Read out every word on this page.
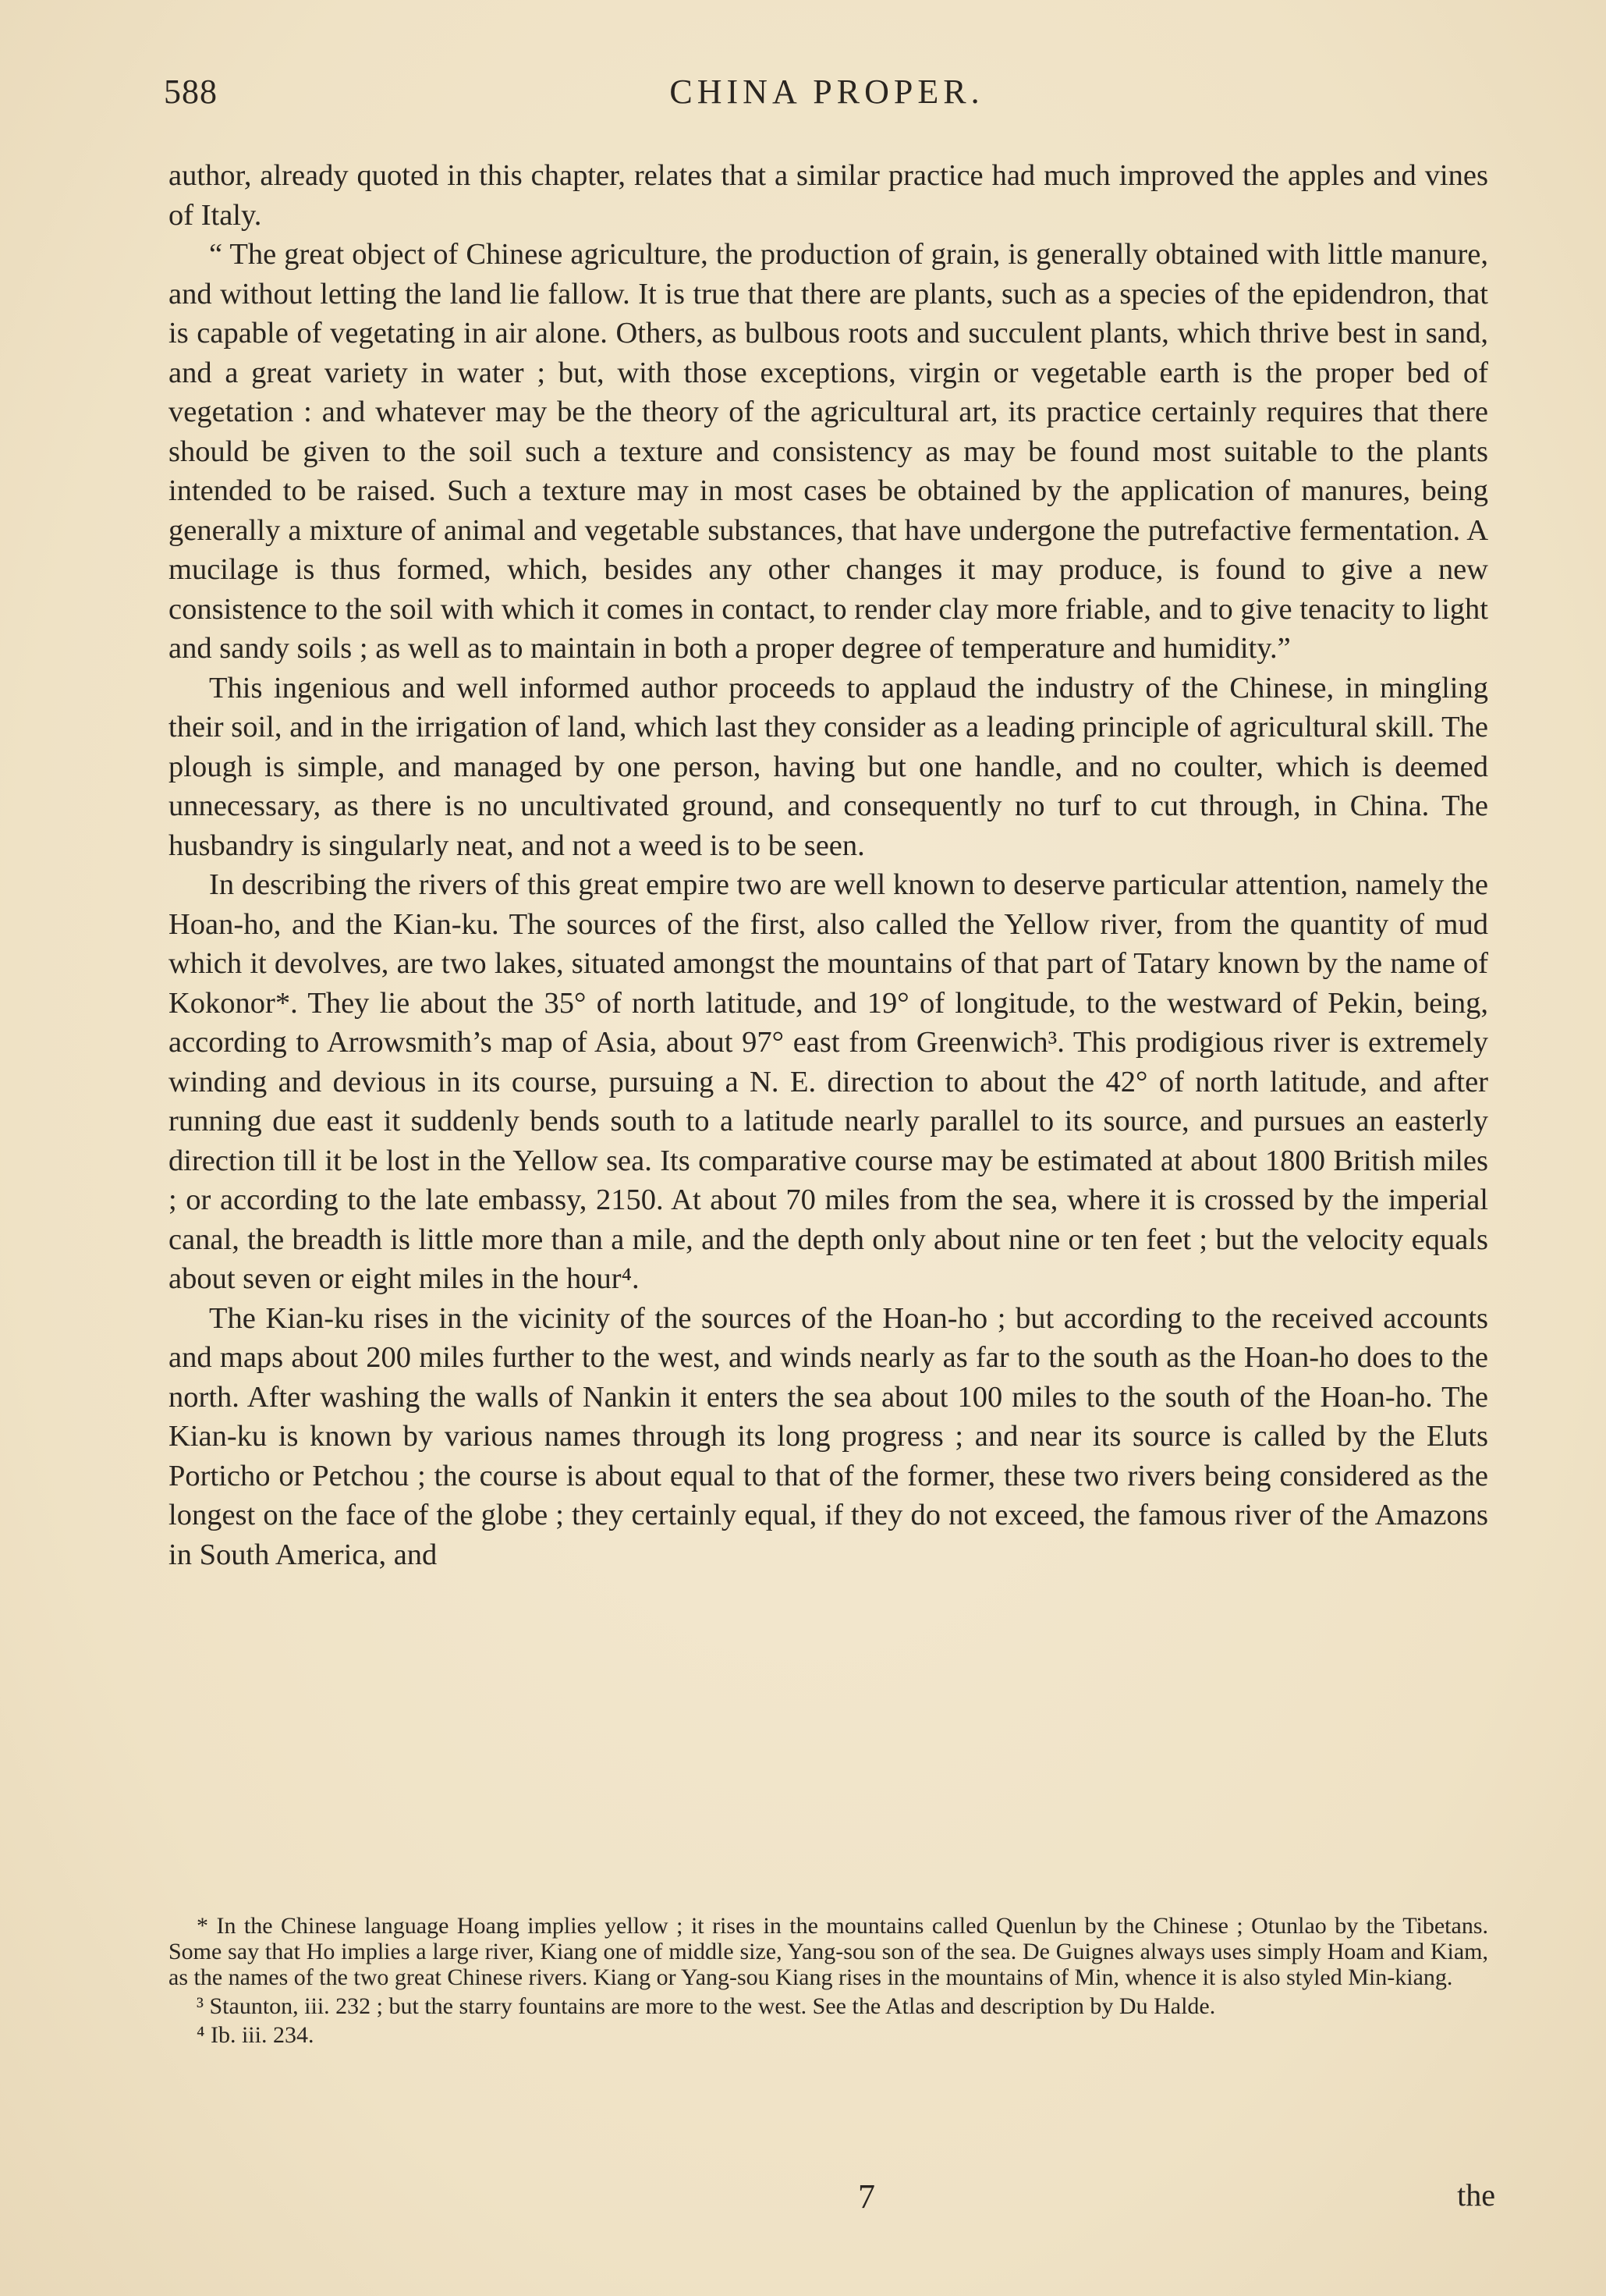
588	CHINA PROPER.

author, already quoted in this chapter, relates that a similar practice had much improved the apples and vines of Italy.

“ The great object of Chinese agriculture, the production of grain, is generally obtained with little manure, and without letting the land lie fallow. It is true that there are plants, such as a species of the epidendron, that is capable of vegetating in air alone. Others, as bulbous roots and succulent plants, which thrive best in sand, and a great variety in water ; but, with those exceptions, virgin or vegetable earth is the proper bed of vegetation : and whatever may be the theory of the agricultural art, its practice certainly requires that there should be given to the soil such a texture and consistency as may be found most suitable to the plants intended to be raised. Such a texture may in most cases be obtained by the application of manures, being generally a mixture of animal and vegetable substances, that have undergone the putrefactive fermentation. A mucilage is thus formed, which, besides any other changes it may produce, is found to give a new consistence to the soil with which it comes in contact, to render clay more friable, and to give tenacity to light and sandy soils ; as well as to maintain in both a proper degree of temperature and humidity.”

This ingenious and well informed author proceeds to applaud the industry of the Chinese, in mingling their soil, and in the irrigation of land, which last they consider as a leading principle of agricultural skill. The plough is simple, and managed by one person, having but one handle, and no coulter, which is deemed unnecessary, as there is no uncultivated ground, and consequently no turf to cut through, in China. The husbandry is singularly neat, and not a weed is to be seen.

In describing the rivers of this great empire two are well known to deserve particular attention, namely the Hoan-ho, and the Kian-ku. The sources of the first, also called the Yellow river, from the quantity of mud which it devolves, are two lakes, situated amongst the mountains of that part of Tatary known by the name of Kokonor*. They lie about the 35° of north latitude, and 19° of longitude, to the westward of Pekin, being, according to Arrowsmith’s map of Asia, about 97° east from Greenwich³. This prodigious river is extremely winding and devious in its course, pursuing a N. E. direction to about the 42° of north latitude, and after running due east it suddenly bends south to a latitude nearly parallel to its source, and pursues an easterly direction till it be lost in the Yellow sea. Its comparative course may be estimated at about 1800 British miles ; or according to the late embassy, 2150. At about 70 miles from the sea, where it is crossed by the imperial canal, the breadth is little more than a mile, and the depth only about nine or ten feet ; but the velocity equals about seven or eight miles in the hour⁴.

The Kian-ku rises in the vicinity of the sources of the Hoan-ho ; but according to the received accounts and maps about 200 miles further to the west, and winds nearly as far to the south as the Hoan-ho does to the north. After washing the walls of Nankin it enters the sea about 100 miles to the south of the Hoan-ho. The Kian-ku is known by various names through its long progress ; and near its source is called by the Eluts Porticho or Petchou ; the course is about equal to that of the former, these two rivers being considered as the longest on the face of the globe ; they certainly equal, if they do not exceed, the famous river of the Amazons in South America, and

* In the Chinese language Hoang implies yellow ; it rises in the mountains called Quenlun by the Chinese ; Otunlao by the Tibetans. Some say that Ho implies a large river, Kiang one of middle size, Yang-sou son of the sea. De Guignes always uses simply Hoam and Kiam, as the names of the two great Chinese rivers. Kiang or Yang-sou Kiang rises in the mountains of Min, whence it is also styled Min-kiang.

³ Staunton, iii. 232 ; but the starry fountains are more to the west. See the Atlas and description by Du Halde.

⁴ Ib. iii. 234.

7	the
